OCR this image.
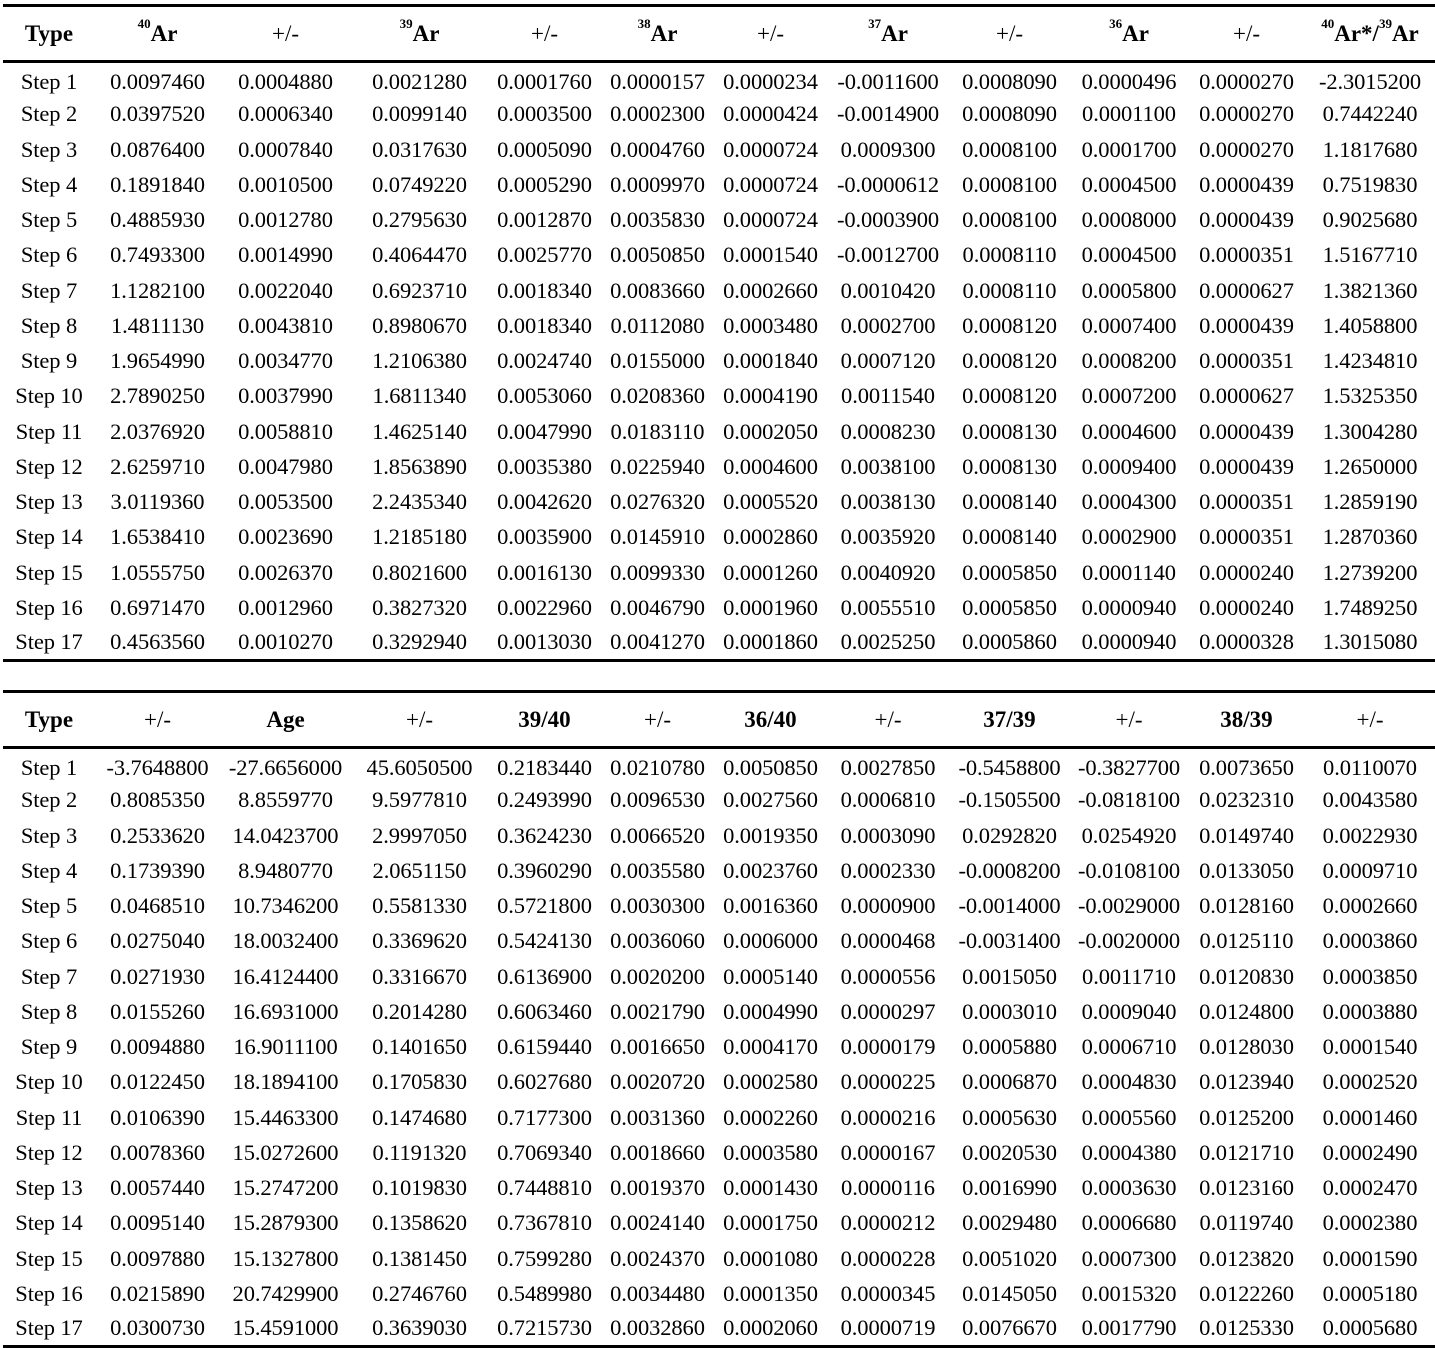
Type	$^{40}$Ar	+/-	$^{39}$Ar	+/-	$^{38}$Ar	+/-	$^{37}$Ar	+/-	$^{36}$Ar	+/-	$^{40}$Ar*/$^{39}$Ar
Step 1	0.0097460	0.0004880	0.0021280	0.0001760	0.0000157	0.0000234	-0.0011600	0.0008090	0.0000496	0.0000270	-2.3015200
Step 2	0.0397520	0.0006340	0.0099140	0.0003500	0.0002300	0.0000424	-0.0014900	0.0008090	0.0001100	0.0000270	0.7442240
Step 3	0.0876400	0.0007840	0.0317630	0.0005090	0.0004760	0.0000724	0.0009300	0.0008100	0.0001700	0.0000270	1.1817680
Step 4	0.1891840	0.0010500	0.0749220	0.0005290	0.0009970	0.0000724	-0.0000612	0.0008100	0.0004500	0.0000439	0.7519830
Step 5	0.4885930	0.0012780	0.2795630	0.0012870	0.0035830	0.0000724	-0.0003900	0.0008100	0.0008000	0.0000439	0.9025680
Step 6	0.7493300	0.0014990	0.4064470	0.0025770	0.0050850	0.0001540	-0.0012700	0.0008110	0.0004500	0.0000351	1.5167710
Step 7	1.1282100	0.0022040	0.6923710	0.0018340	0.0083660	0.0002660	0.0010420	0.0008110	0.0005800	0.0000627	1.3821360
Step 8	1.4811130	0.0043810	0.8980670	0.0018340	0.0112080	0.0003480	0.0002700	0.0008120	0.0007400	0.0000439	1.4058800
Step 9	1.9654990	0.0034770	1.2106380	0.0024740	0.0155000	0.0001840	0.0007120	0.0008120	0.0008200	0.0000351	1.4234810
Step 10	2.7890250	0.0037990	1.6811340	0.0053060	0.0208360	0.0004190	0.0011540	0.0008120	0.0007200	0.0000627	1.5325350
Step 11	2.0376920	0.0058810	1.4625140	0.0047990	0.0183110	0.0002050	0.0008230	0.0008130	0.0004600	0.0000439	1.3004280
Step 12	2.6259710	0.0047980	1.8563890	0.0035380	0.0225940	0.0004600	0.0038100	0.0008130	0.0009400	0.0000439	1.2650000
Step 13	3.0119360	0.0053500	2.2435340	0.0042620	0.0276320	0.0005520	0.0038130	0.0008140	0.0004300	0.0000351	1.2859190
Step 14	1.6538410	0.0023690	1.2185180	0.0035900	0.0145910	0.0002860	0.0035920	0.0008140	0.0002900	0.0000351	1.2870360
Step 15	1.0555750	0.0026370	0.8021600	0.0016130	0.0099330	0.0001260	0.0040920	0.0005850	0.0001140	0.0000240	1.2739200
Step 16	0.6971470	0.0012960	0.3827320	0.0022960	0.0046790	0.0001960	0.0055510	0.0005850	0.0000940	0.0000240	1.7489250
Step 17	0.4563560	0.0010270	0.3292940	0.0013030	0.0041270	0.0001860	0.0025250	0.0005860	0.0000940	0.0000328	1.3015080
Type	+/-	Age	+/-	39/40	+/-	36/40	+/-	37/39	+/-	38/39	+/-
Step 1	-3.7648800	-27.6656000	45.6050500	0.2183440	0.0210780	0.0050850	0.0027850	-0.5458800	-0.3827700	0.0073650	0.0110070
Step 2	0.8085350	8.8559770	9.5977810	0.2493990	0.0096530	0.0027560	0.0006810	-0.1505500	-0.0818100	0.0232310	0.0043580
Step 3	0.2533620	14.0423700	2.9997050	0.3624230	0.0066520	0.0019350	0.0003090	0.0292820	0.0254920	0.0149740	0.0022930
Step 4	0.1739390	8.9480770	2.0651150	0.3960290	0.0035580	0.0023760	0.0002330	-0.0008200	-0.0108100	0.0133050	0.0009710
Step 5	0.0468510	10.7346200	0.5581330	0.5721800	0.0030300	0.0016360	0.0000900	-0.0014000	-0.0029000	0.0128160	0.0002660
Step 6	0.0275040	18.0032400	0.3369620	0.5424130	0.0036060	0.0006000	0.0000468	-0.0031400	-0.0020000	0.0125110	0.0003860
Step 7	0.0271930	16.4124400	0.3316670	0.6136900	0.0020200	0.0005140	0.0000556	0.0015050	0.0011710	0.0120830	0.0003850
Step 8	0.0155260	16.6931000	0.2014280	0.6063460	0.0021790	0.0004990	0.0000297	0.0003010	0.0009040	0.0124800	0.0003880
Step 9	0.0094880	16.9011100	0.1401650	0.6159440	0.0016650	0.0004170	0.0000179	0.0005880	0.0006710	0.0128030	0.0001540
Step 10	0.0122450	18.1894100	0.1705830	0.6027680	0.0020720	0.0002580	0.0000225	0.0006870	0.0004830	0.0123940	0.0002520
Step 11	0.0106390	15.4463300	0.1474680	0.7177300	0.0031360	0.0002260	0.0000216	0.0005630	0.0005560	0.0125200	0.0001460
Step 12	0.0078360	15.0272600	0.1191320	0.7069340	0.0018660	0.0003580	0.0000167	0.0020530	0.0004380	0.0121710	0.0002490
Step 13	0.0057440	15.2747200	0.1019830	0.7448810	0.0019370	0.0001430	0.0000116	0.0016990	0.0003630	0.0123160	0.0002470
Step 14	0.0095140	15.2879300	0.1358620	0.7367810	0.0024140	0.0001750	0.0000212	0.0029480	0.0006680	0.0119740	0.0002380
Step 15	0.0097880	15.1327800	0.1381450	0.7599280	0.0024370	0.0001080	0.0000228	0.0051020	0.0007300	0.0123820	0.0001590
Step 16	0.0215890	20.7429900	0.2746760	0.5489980	0.0034480	0.0001350	0.0000345	0.0145050	0.0015320	0.0122260	0.0005180
Step 17	0.0300730	15.4591000	0.3639030	0.7215730	0.0032860	0.0002060	0.0000719	0.0076670	0.0017790	0.0125330	0.0005680
